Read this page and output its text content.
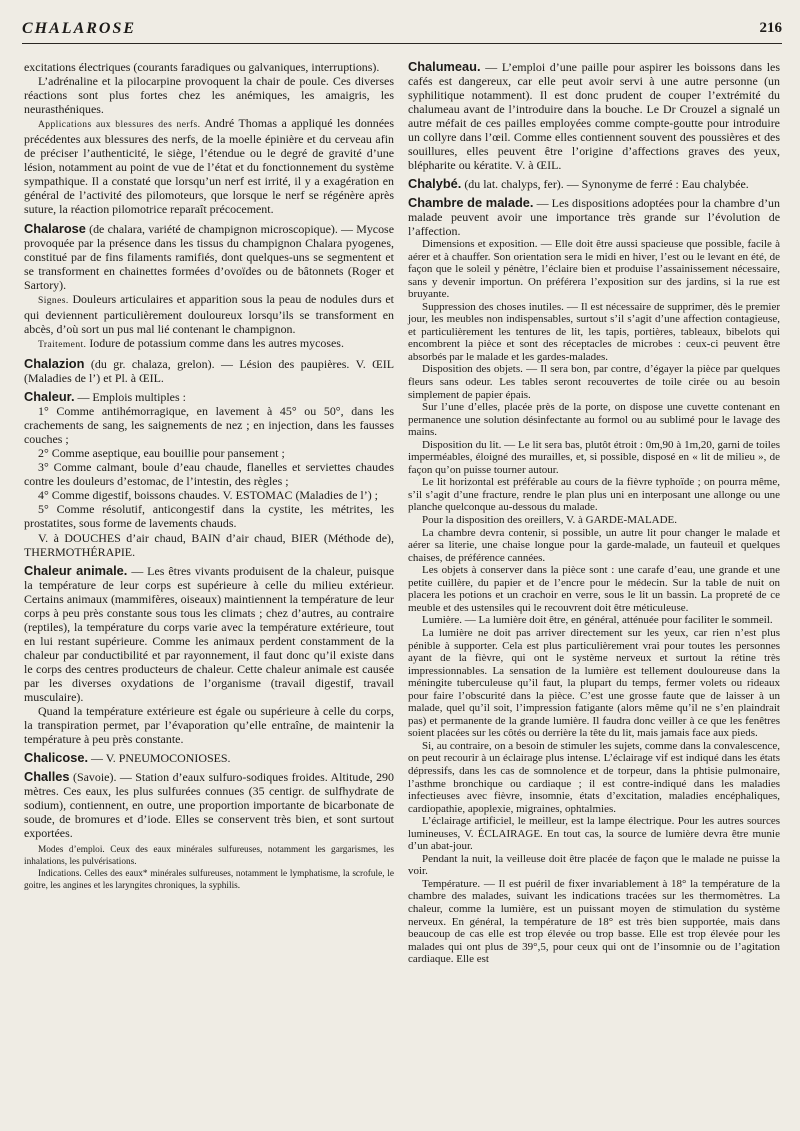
CHALAROSE	216

excitations électriques (courants faradiques ou galvaniques, interruptions).

L’adrénaline et la pilocarpine provoquent la chair de poule. Ces diverses réactions sont plus fortes chez les anémiques, les amaigris, les neurasthéniques.

Applications aux blessures des nerfs. André Thomas a appliqué les données précédentes aux blessures des nerfs, de la moelle épinière et du cerveau afin de préciser l’authenticité, le siège, l’étendue ou le degré de gravité d’une lésion, notamment au point de vue de l’état et du fonctionnement du système sympathique. Il a constaté que lorsqu’un nerf est irrité, il y a exagération en général de l’activité des pilomoteurs, que lorsque le nerf se régénère après suture, la réaction pilomotrice reparaît précocement.

Chalarose (de chalara, variété de champignon microscopique). — Mycose provoquée par la présence dans les tissus du champignon Chalara pyogenes, constitué par de fins filaments ramifiés, dont quelques-uns se segmentent et se transforment en chainettes formées d’ovoïdes ou de bâtonnets (Roger et Sartory).

Signes. Douleurs articulaires et apparition sous la peau de nodules durs et qui deviennent particulièrement douloureux lorsqu’ils se transforment en abcès, d’où sort un pus mal lié contenant le champignon.

Traitement. Iodure de potassium comme dans les autres mycoses.

Chalazion (du gr. chalaza, grelon). — Lésion des paupières. V. ŒIL (Maladies de l’) et Pl. à ŒIL.

Chaleur. — Emplois multiples :

1° Comme antihémorragique, en lavement à 45° ou 50°, dans les crachements de sang, les saignements de nez ; en injection, dans les fausses couches ;

2° Comme aseptique, eau bouillie pour pansement ;

3° Comme calmant, boule d’eau chaude, flanelles et serviettes chaudes contre les douleurs d’estomac, de l’intestin, des règles ;

4° Comme digestif, boissons chaudes. V. ESTOMAC (Maladies de l’) ;

5° Comme résolutif, anticongestif dans la cystite, les métrites, les prostatites, sous forme de lavements chauds.

V. à DOUCHES d’air chaud, BAIN d’air chaud, BIER (Méthode de), THERMOTHÉRAPIE.

Chaleur animale. — Les êtres vivants produisent de la chaleur, puisque la température de leur corps est supérieure à celle du milieu extérieur. Certains animaux (mammifères, oiseaux) maintiennent la température de leur corps à peu près constante sous tous les climats ; chez d’autres, au contraire (reptiles), la température du corps varie avec la température extérieure, tout en lui restant supérieure. Comme les animaux perdent constamment de la chaleur par conductibilité et par rayonnement, il faut donc qu’il existe dans le corps des centres producteurs de chaleur. Cette chaleur animale est causée par les diverses oxydations de l’organisme (travail digestif, travail musculaire).

Quand la température extérieure est égale ou supérieure à celle du corps, la transpiration permet, par l’évaporation qu’elle entraîne, de maintenir la température à peu près constante.

Chalicose. — V. PNEUMOCONIOSES.

Challes (Savoie). — Station d’eaux sulfuro-sodiques froides. Altitude, 290 mètres. Ces eaux, les plus sulfurées connues (35 centigr. de sulfhydrate de sodium), contiennent, en outre, une proportion importante de bicarbonate de soude, de bromures et d’iode. Elles se conservent très bien, et sont surtout exportées.

Modes d’emploi. Ceux des eaux minérales sulfureuses, notamment les gargarismes, les inhalations, les pulvérisations.

Indications. Celles des eaux* minérales sulfureuses, notamment le lymphatisme, la scrofule, le goitre, les angines et les laryngites chroniques, la syphilis.

Chalumeau. — L’emploi d’une paille pour aspirer les boissons dans les cafés est dangereux, car elle peut avoir servi à une autre personne (un syphilitique notamment). Il est donc prudent de couper l’extrémité du chalumeau avant de l’introduire dans la bouche. Le Dr Crouzel a signalé un autre méfait de ces pailles employées comme compte-goutte pour introduire un collyre dans l’œil. Comme elles contiennent souvent des poussières et des souillures, elles peuvent être l’origine d’affections graves des yeux, blépharite ou kératite. V. à ŒIL.

Chalybé. (du lat. chalyps, fer). — Synonyme de ferré : Eau chalybée.

Chambre de malade. — Les dispositions adoptées pour la chambre d’un malade peuvent avoir une importance très grande sur l’évolution de l’affection.

Dimensions et exposition. — Elle doit être aussi spacieuse que possible, facile à aérer et à chauffer. Son orientation sera le midi en hiver, l’est ou le levant en été, de façon que le soleil y pénètre, l’éclaire bien et produise l’assainissement nécessaire, sans y devenir importun. On préférera l’exposition sur des jardins, si la rue est bruyante.

Suppression des choses inutiles. — Il est nécessaire de supprimer, dès le premier jour, les meubles non indispensables, surtout s’il s’agit d’une affection contagieuse, et particulièrement les tentures de lit, les tapis, portières, tableaux, bibelots qui encombrent la pièce et sont des réceptacles de microbes : ceux-ci peuvent être absorbés par le malade et les gardes-malades.

Disposition des objets. — Il sera bon, par contre, d’égayer la pièce par quelques fleurs sans odeur. Les tables seront recouvertes de toile cirée ou au besoin simplement de papier épais.

Sur l’une d’elles, placée près de la porte, on dispose une cuvette contenant en permanence une solution désinfectante au formol ou au sublimé pour le lavage des mains.

Disposition du lit. — Le lit sera bas, plutôt étroit : 0m,90 à 1m,20, garni de toiles imperméables, éloigné des murailles, et, si possible, disposé en « lit de milieu », de façon qu’on puisse tourner autour.

Le lit horizontal est préférable au cours de la fièvre typhoïde ; on pourra même, s’il s’agit d’une fracture, rendre le plan plus uni en interposant une allonge ou une planche quelconque au-dessous du malade.

Pour la disposition des oreillers, V. à GARDE-MALADE.

La chambre devra contenir, si possible, un autre lit pour changer le malade et aérer sa literie, une chaise longue pour la garde-malade, un fauteuil et quelques chaises, de préférence cannées.

Les objets à conserver dans la pièce sont : une carafe d’eau, une grande et une petite cuillère, du papier et de l’encre pour le médecin. Sur la table de nuit on placera les potions et un crachoir en verre, sous le lit un bassin. La propreté de ce meuble et des ustensiles qui le recouvrent doit être méticuleuse.

Lumière. — La lumière doit être, en général, atténuée pour faciliter le sommeil.

La lumière ne doit pas arriver directement sur les yeux, car rien n’est plus pénible à supporter. Cela est plus particulièrement vrai pour toutes les personnes ayant de la fièvre, qui ont le système nerveux et surtout la rétine très impressionnables. La sensation de la lumière est tellement douloureuse dans la méningite tuberculeuse qu’il faut, la plupart du temps, fermer volets ou rideaux pour faire l’obscurité dans la pièce. C’est une grosse faute que de laisser à un malade, quel qu’il soit, l’impression fatigante (alors même qu’il ne s’en plaindrait pas) et permanente de la grande lumière. Il faudra donc veiller à ce que les fenêtres soient placées sur les côtés ou derrière la tête du lit, mais jamais face aux pieds.

Si, au contraire, on a besoin de stimuler les sujets, comme dans la convalescence, on peut recourir à un éclairage plus intense. L’éclairage vif est indiqué dans les états dépressifs, dans les cas de somnolence et de torpeur, dans la phtisie pulmonaire, l’asthme bronchique ou cardiaque ; il est contre-indiqué dans les maladies infectieuses avec fièvre, insomnie, états d’excitation, maladies encéphaliques, cardiopathie, apoplexie, migraines, ophtalmies.

L’éclairage artificiel, le meilleur, est la lampe électrique. Pour les autres sources lumineuses, V. ÉCLAIRAGE. En tout cas, la source de lumière devra être munie d’un abat-jour.

Pendant la nuit, la veilleuse doit être placée de façon que le malade ne puisse la voir.

Température. — Il est puéril de fixer invariablement à 18° la température de la chambre des malades, suivant les indications tracées sur les thermomètres. La chaleur, comme la lumière, est un puissant moyen de stimulation du système nerveux. En général, la température de 18° est très bien supportée, mais dans beaucoup de cas elle est trop élevée ou trop basse. Elle est trop élevée pour les malades qui ont plus de 39°,5, pour ceux qui ont de l’insomnie ou de l’agitation cardiaque. Elle est
